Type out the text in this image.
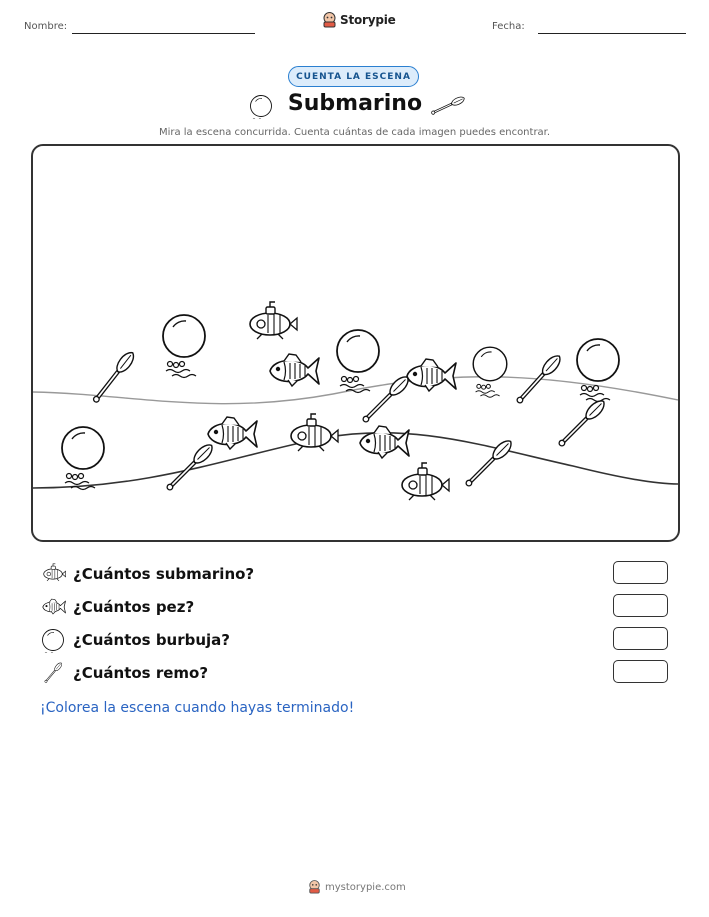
Nombre:	Storypie	Fecha:
CUENTA LA ESCENA
Submarino
Mira la escena concurrida. Cuenta cuántas de cada imagen puedes encontrar.
¿Cuántos submarino?
¿Cuántos pez?
¿Cuántos burbuja?
¿Cuántos remo?
¡Colorea la escena cuando hayas terminado!
mystorypie.com
